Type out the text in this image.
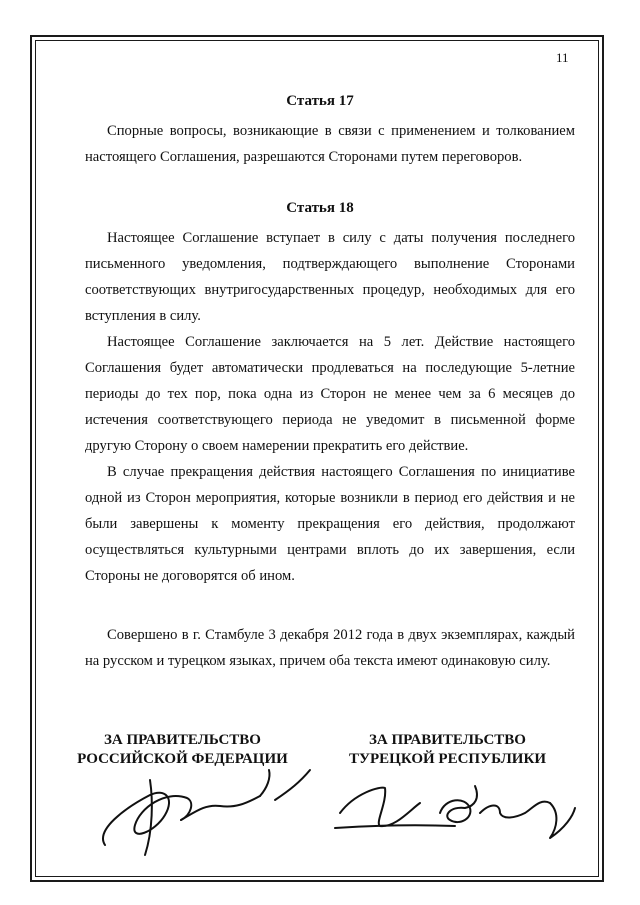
11
Статья 17

Спорные вопросы, возникающие в связи с применением и толкованием настоящего Соглашения, разрешаются Сторонами путем переговоров.

Статья 18

Настоящее Соглашение вступает в силу с даты получения последнего письменного уведомления, подтверждающего выполнение Сторонами соответствующих внутригосударственных процедур, необходимых для его вступления в силу.

Настоящее Соглашение заключается на 5 лет. Действие настоящего Соглашения будет автоматически продлеваться на последующие 5-летние периоды до тех пор, пока одна из Сторон не менее чем за 6 месяцев до истечения соответствующего периода не уведомит в письменной форме другую Сторону о своем намерении прекратить его действие.

В случае прекращения действия настоящего Соглашения по инициативе одной из Сторон мероприятия, которые возникли в период его действия и не были завершены к моменту прекращения его действия, продолжают осуществляться культурными центрами вплоть до их завершения, если Стороны не договорятся об ином.

Совершено в г. Стамбуле 3 декабря 2012 года в двух экземплярах, каждый на русском и турецком языках, причем оба текста имеют одинаковую силу.

ЗА ПРАВИТЕЛЬСТВО
РОССИЙСКОЙ ФЕДЕРАЦИИ
ЗА ПРАВИТЕЛЬСТВО
ТУРЕЦКОЙ РЕСПУБЛИКИ
